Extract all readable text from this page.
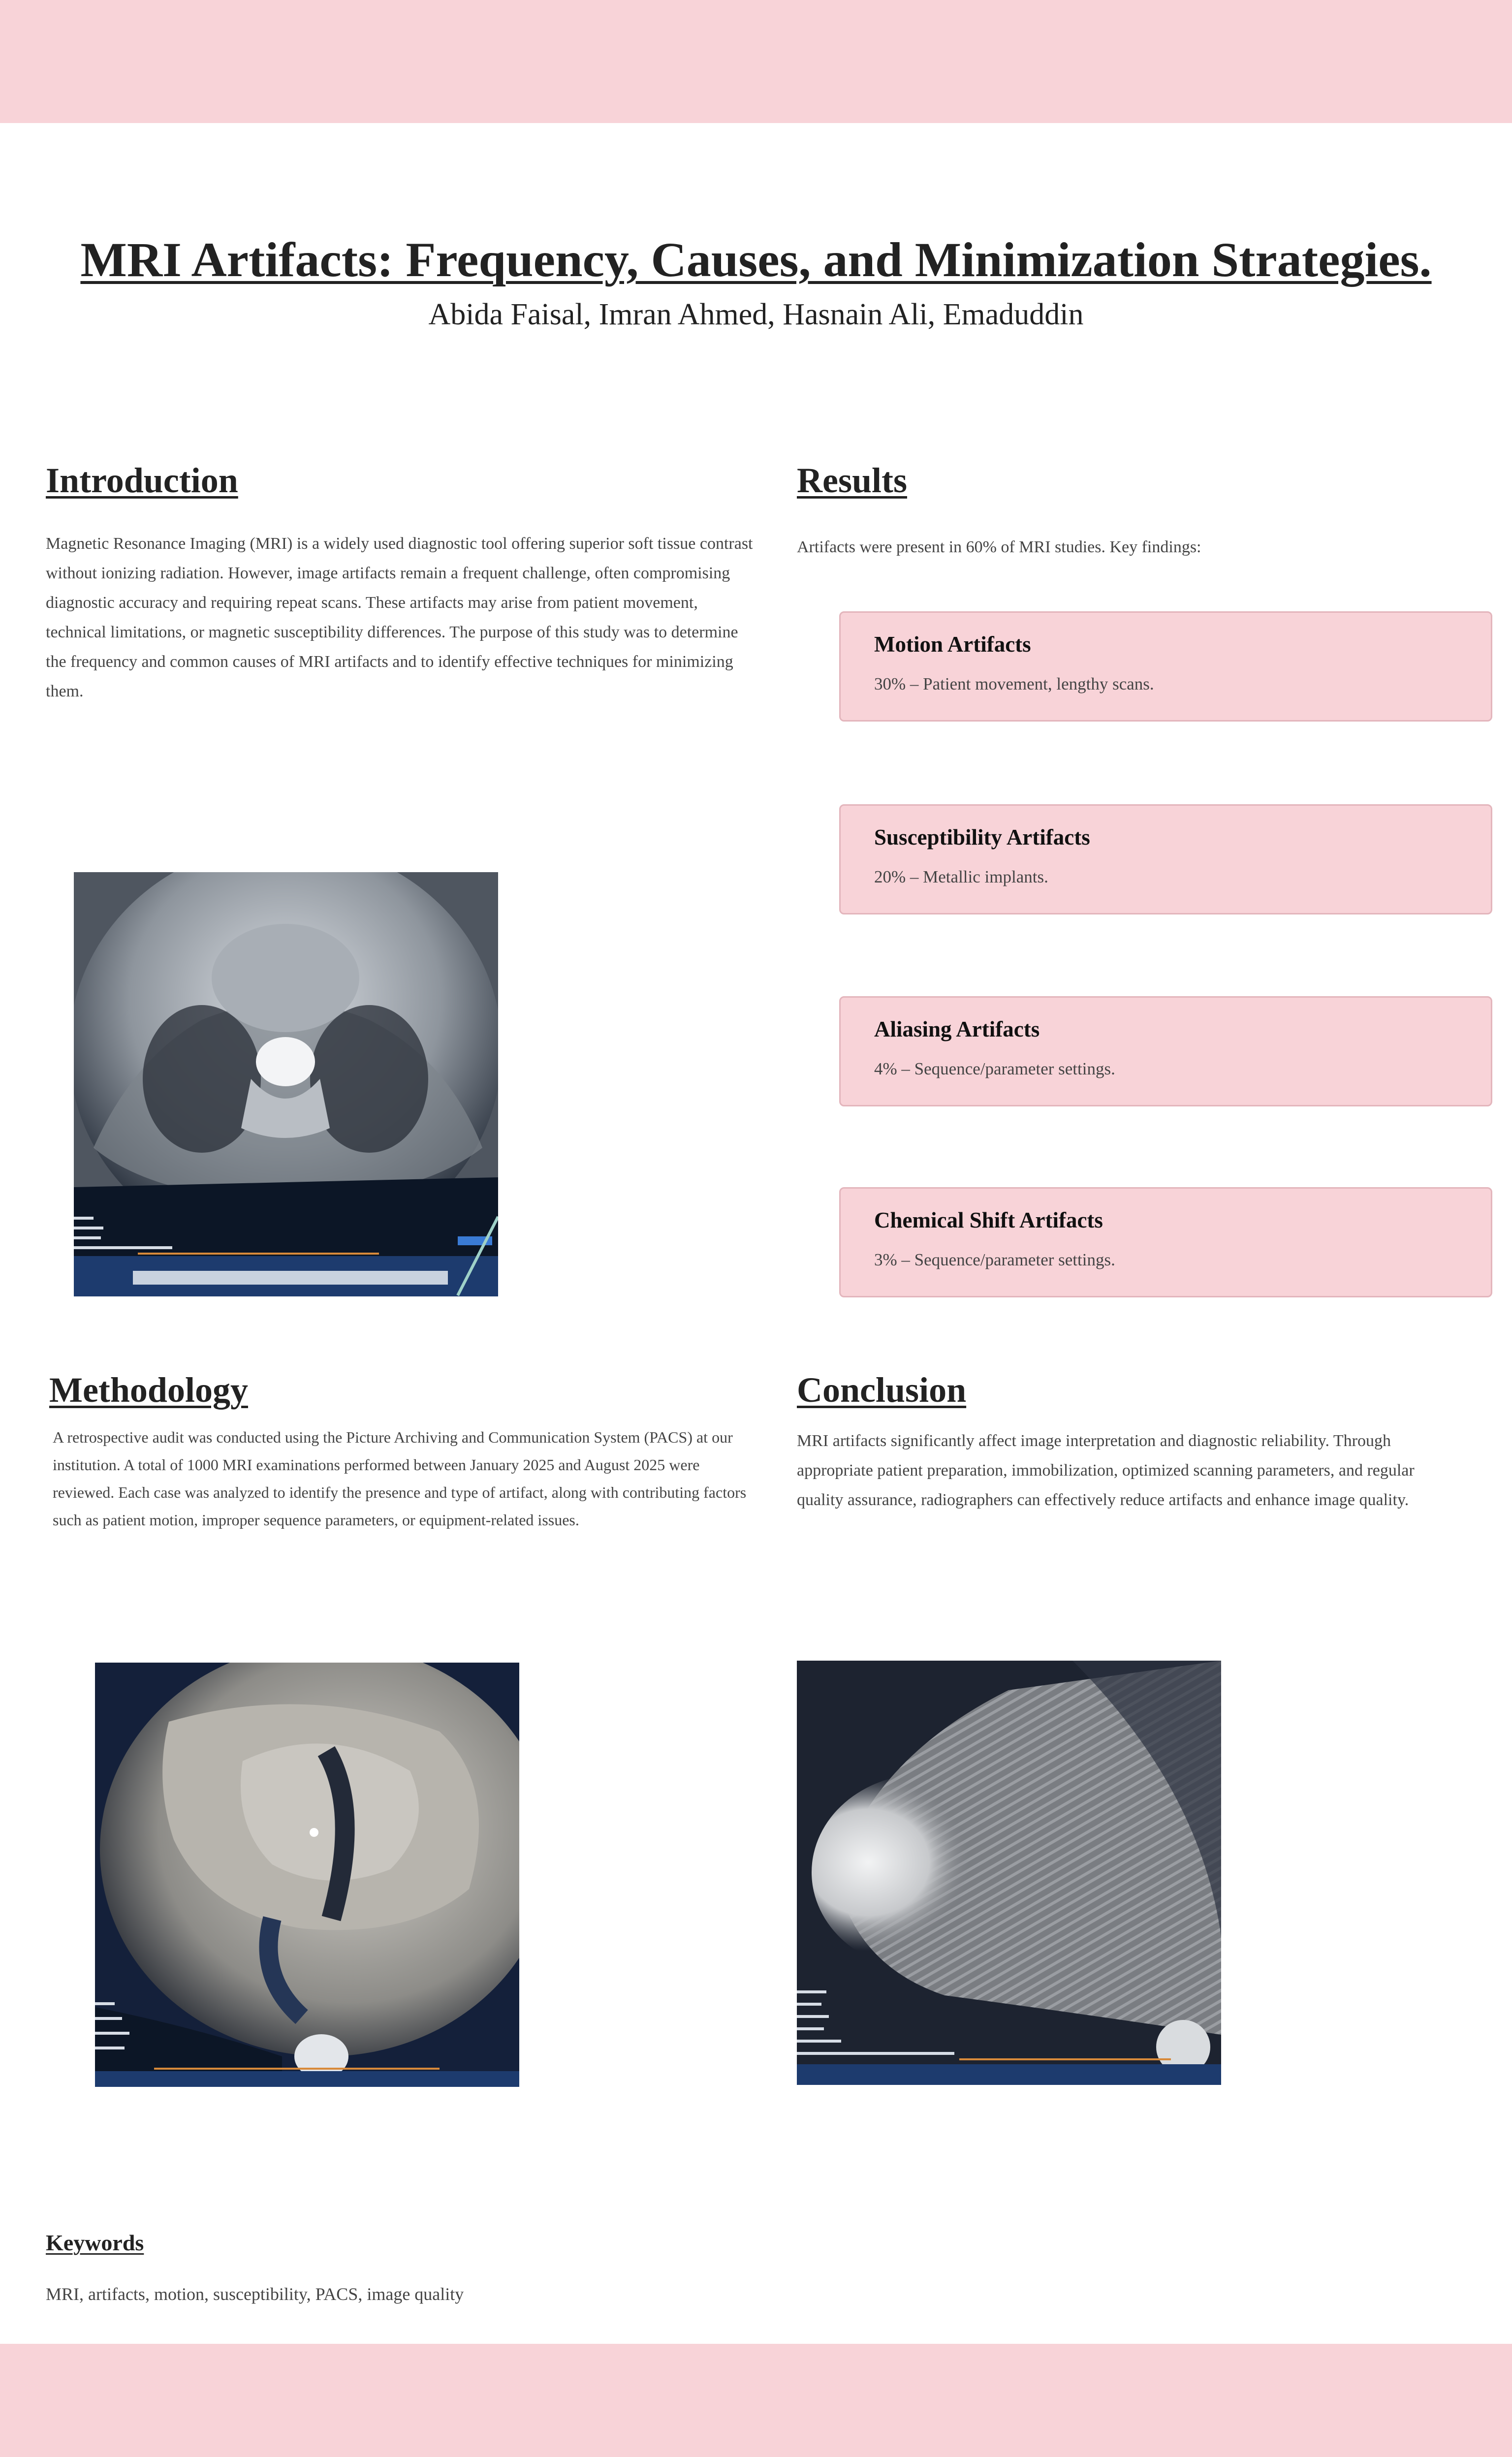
MRI Artifacts: Frequency, Causes, and Minimization Strategies.
Abida Faisal, Imran Ahmed, Hasnain Ali, Emaduddin
Introduction
Magnetic Resonance Imaging (MRI) is a widely used diagnostic tool offering superior soft tissue contrast without ionizing radiation. However, image artifacts remain a frequent challenge, often compromising diagnostic accuracy and requiring repeat scans. These artifacts may arise from patient movement, technical limitations, or magnetic susceptibility differences. The purpose of this study was to determine the frequency and common causes of MRI artifacts and to identify effective techniques for minimizing them.
Results
Artifacts were present in 60% of MRI studies. Key findings:
Motion Artifacts
30% – Patient movement, lengthy scans.
Susceptibility Artifacts
20% – Metallic implants.
Aliasing Artifacts
4% – Sequence/parameter settings.
Chemical Shift Artifacts
3% – Sequence/parameter settings.
Methodology
A retrospective audit was conducted using the Picture Archiving and Communication System (PACS) at our institution. A total of 1000 MRI examinations performed between January 2025 and August 2025 were reviewed. Each case was analyzed to identify the presence and type of artifact, along with contributing factors such as patient motion, improper sequence parameters, or equipment-related issues.
Conclusion
MRI artifacts significantly affect image interpretation and diagnostic reliability. Through appropriate patient preparation, immobilization, optimized scanning parameters, and regular quality assurance, radiographers can effectively reduce artifacts and enhance image quality.
Keywords
MRI, artifacts, motion, susceptibility, PACS, image quality
